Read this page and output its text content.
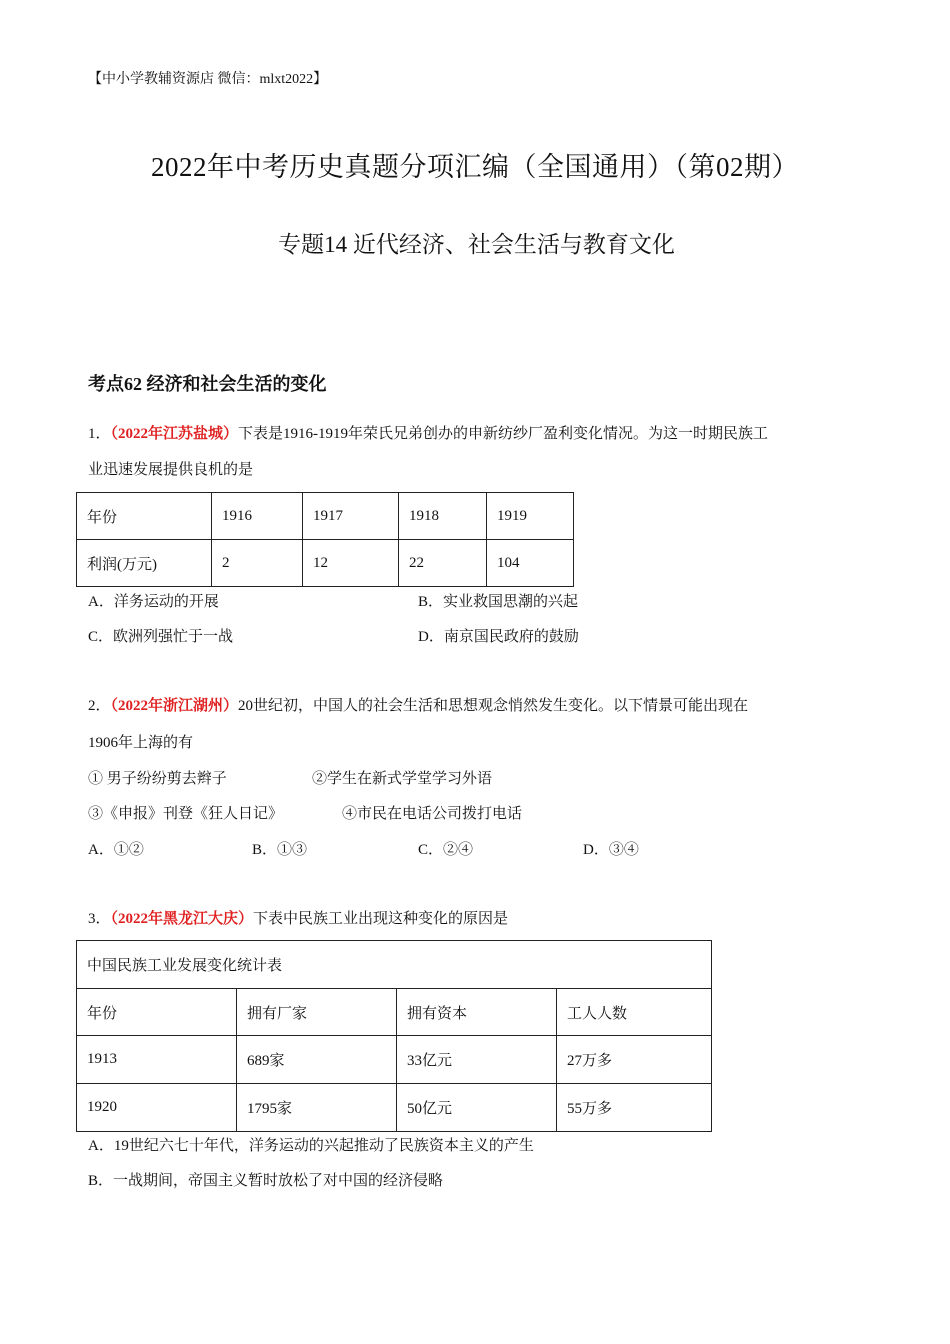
【中小学教辅资源店 微信：mlxt2022】
2022年中考历史真题分项汇编（全国通用）（第02期）
专题14 近代经济、社会生活与教育文化
考点62 经济和社会生活的变化
1．（2022年江苏盐城）下表是1916-1919年荣氏兄弟创办的申新纺纱厂盈利变化情况。为这一时期民族工
业迅速发展提供良机的是
年份	1916	1917	1918	1919
利润(万元)	2	12	22	104
A．洋务运动的开展	B．实业救国思潮的兴起
C．欧洲列强忙于一战	D．南京国民政府的鼓励
2．（2022年浙江湖州）20世纪初，中国人的社会生活和思想观念悄然发生变化。以下情景可能出现在
1906年上海的有
① 男子纷纷剪去辫子	②学生在新式学堂学习外语
③《申报》刊登《狂人日记》	④市民在电话公司拨打电话
A．①②	B．①③	C．②④	D．③④
3．（2022年黑龙江大庆）下表中民族工业出现这种变化的原因是
中国民族工业发展变化统计表			
年份	拥有厂家	拥有资本	工人人数
1913	689家	33亿元	27万多
1920	1795家	50亿元	55万多
A．19世纪六七十年代，洋务运动的兴起推动了民族资本主义的产生
B．一战期间，帝国主义暂时放松了对中国的经济侵略
